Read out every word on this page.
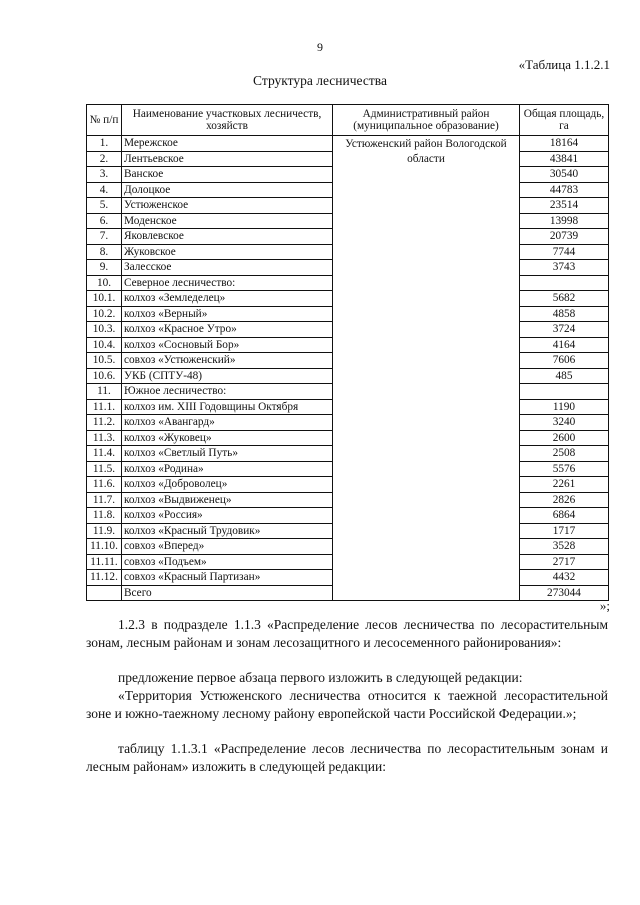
9
«Таблица 1.1.2.1
Структура лесничества
№ п/п	Наименование участковых лесничеств, хозяйств	Административный район (муниципальное образование)	Общая площадь, га
1.	Мережское	Устюженский район Вологодской области	18164
2.	Лентьевское		43841
3.	Ванское		30540
4.	Долоцкое		44783
5.	Устюженское		23514
6.	Моденское		13998
7.	Яковлевское		20739
8.	Жуковское		7744
9.	Залесское		3743
10.	Северное лесничество:		
10.1.	колхоз «Земледелец»		5682
10.2.	колхоз «Верный»		4858
10.3.	колхоз «Красное Утро»		3724
10.4.	колхоз «Сосновый Бор»		4164
10.5.	совхоз «Устюженский»		7606
10.6.	УКБ (СПТУ-48)		485
11.	Южное лесничество:		
11.1.	колхоз им. XIII Годовщины Октября		1190
11.2.	колхоз «Авангард»		3240
11.3.	колхоз «Жуковец»		2600
11.4.	колхоз «Светлый Путь»		2508
11.5.	колхоз «Родина»		5576
11.6.	колхоз «Доброволец»		2261
11.7.	колхоз «Выдвиженец»		2826
11.8.	колхоз «Россия»		6864
11.9.	колхоз «Красный Трудовик»		1717
11.10.	совхоз «Вперед»		3528
11.11.	совхоз «Подъем»		2717
11.12.	совхоз «Красный Партизан»		4432
	Всего		273044
»;
1.2.3 в подразделе 1.1.3 «Распределение лесов лесничества по лесорастительным зонам, лесным районам и зонам лесозащитного и лесосеменного районирования»:
предложение первое абзаца первого изложить в следующей редакции:
«Территория Устюженского лесничества относится к таежной лесорастительной зоне и южно-таежному лесному району европейской части Российской Федерации.»;
таблицу 1.1.3.1 «Распределение лесов лесничества по лесорастительным зонам и лесным районам» изложить в следующей редакции:
